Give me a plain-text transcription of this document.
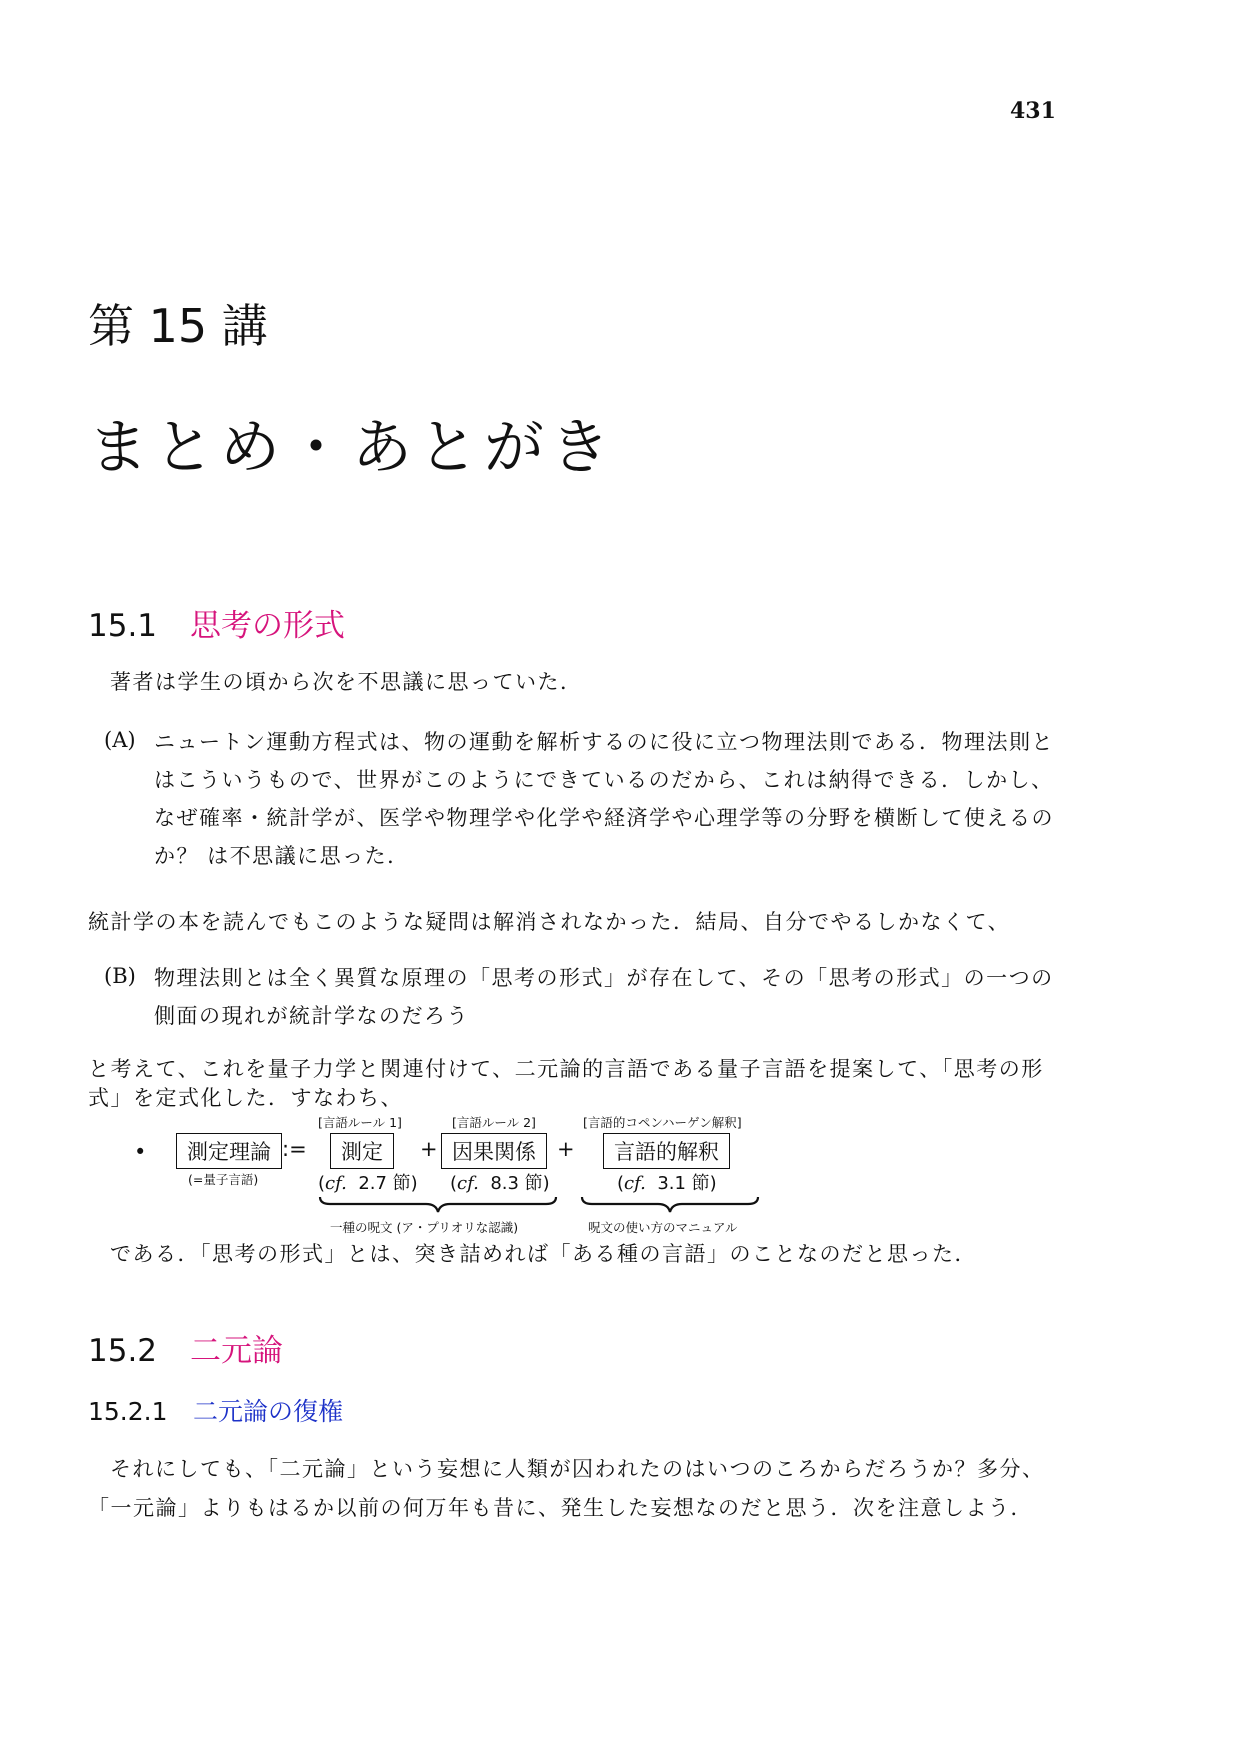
431
第 15 講
まとめ・あとがき
15.1 思考の形式
著者は学生の頃から次を不思議に思っていた．
(A) ニュートン運動方程式は、物の運動を解析するのに役に立つ物理法則である．物理法則と
はこういうもので、世界がこのようにできているのだから、これは納得できる．しかし、
なぜ確率・統計学が、医学や物理学や化学や経済学や心理学等の分野を横断して使えるの
か？ は不思議に思った．
統計学の本を読んでもこのような疑問は解消されなかった．結局、自分でやるしかなくて、
(B) 物理法則とは全く異質な原理の「思考の形式」が存在して、その「思考の形式」の一つの
側面の現れが統計学なのだろう
と考えて、これを量子力学と関連付けて、二元論的言語である量子言語を提案して、「思考の形
式」を定式化した．すなわち、
•	測定理論
(=量子言語)
:=
[言語ルール 1]
測定
(cf. 2.7 節)
+
[言語ルール 2]
因果関係
(cf. 8.3 節)
+
[言語的コペンハーゲン解釈]
言語的解釈
(cf. 3.1 節)
一種の呪文 (ア・プリオリな認識)	呪文の使い方のマニュアル
である．「思考の形式」とは、突き詰めれば「ある種の言語」のことなのだと思った．
15.2 二元論
15.2.1 二元論の復権
それにしても、「二元論」という妄想に人類が囚われたのはいつのころからだろうか？多分、
「一元論」よりもはるか以前の何万年も昔に、発生した妄想なのだと思う．次を注意しよう．
